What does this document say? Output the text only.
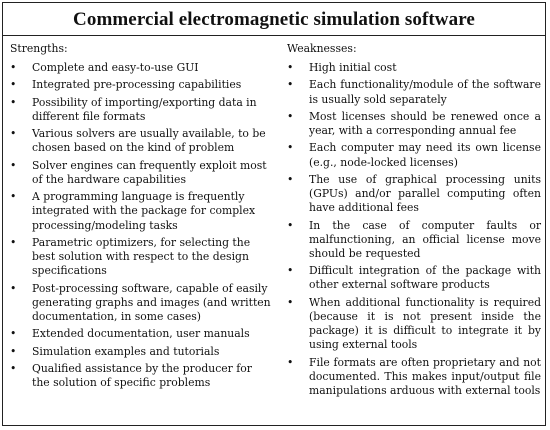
Commercial electromagnetic simulation software
Strengths:
•	Complete and easy-to-use GUI
•	Integrated pre-processing capabilities
•	Possibility of importing/exporting data in different file formats
•	Various solvers are usually available, to be chosen based on the kind of problem
•	Solver engines can frequently exploit most of the hardware capabilities
•	A programming language is frequently integrated with the package for complex processing/modeling tasks
•	Parametric optimizers, for selecting the best solution with respect to the design specifications
•	Post-processing software, capable of easily generating graphs and images (and written documentation, in some cases)
•	Extended documentation, user manuals
•	Simulation examples and tutorials
•	Qualified assistance by the producer for the solution of specific problems
Weaknesses:
•	High initial cost
•	Each functionality/module of the software is usually sold separately
•	Most licenses should be renewed once a year, with a corresponding annual fee
•	Each computer may need its own license (e.g., node-locked licenses)
•	The use of graphical processing units (GPUs) and/or parallel computing often have additional fees
•	In the case of computer faults or malfunctioning, an official license move should be requested
•	Difficult integration of the package with other external software products
•	When additional functionality is required (because it is not present inside the package) it is difficult to integrate it by using external tools
•	File formats are often proprietary and not documented. This makes input/output file manipulations arduous with external tools
